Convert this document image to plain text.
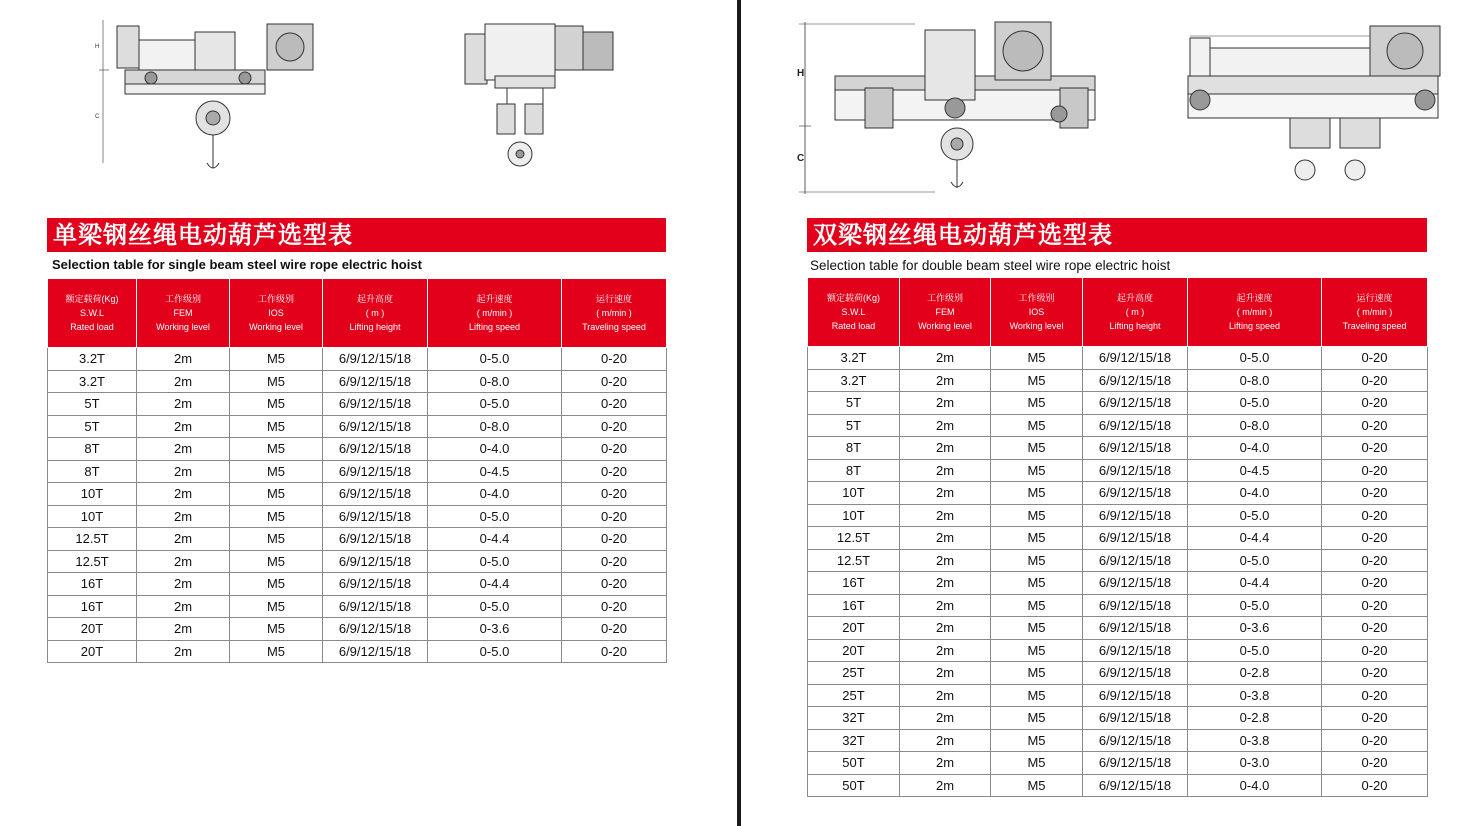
H
C
H
C
单梁钢丝绳电动葫芦选型表
Selection table for single beam steel wire rope electric hoist
双梁钢丝绳电动葫芦选型表
Selection table for double beam steel wire rope electric hoist
额定载荷(Kg)
S.W.L
Rated load	工作级别
FEM
Working level	工作级别
IOS
Working level	起升高度
( m )
Lifting height	起升速度
( m/min )
Lifting speed	运行速度
( m/min )
Traveling speed

3.2T	2m	M5	6/9/12/15/18	0-5.0	0-20
3.2T	2m	M5	6/9/12/15/18	0-8.0	0-20
5T	2m	M5	6/9/12/15/18	0-5.0	0-20
5T	2m	M5	6/9/12/15/18	0-8.0	0-20
8T	2m	M5	6/9/12/15/18	0-4.0	0-20
8T	2m	M5	6/9/12/15/18	0-4.5	0-20
10T	2m	M5	6/9/12/15/18	0-4.0	0-20
10T	2m	M5	6/9/12/15/18	0-5.0	0-20
12.5T	2m	M5	6/9/12/15/18	0-4.4	0-20
12.5T	2m	M5	6/9/12/15/18	0-5.0	0-20
16T	2m	M5	6/9/12/15/18	0-4.4	0-20
16T	2m	M5	6/9/12/15/18	0-5.0	0-20
20T	2m	M5	6/9/12/15/18	0-3.6	0-20
20T	2m	M5	6/9/12/15/18	0-5.0	0-20
额定载荷(Kg)
S.W.L
Rated load	工作级别
FEM
Working level	工作级别
IOS
Working level	起升高度
( m )
Lifting height	起升速度
( m/min )
Lifting speed	运行速度
( m/min )
Traveling speed

3.2T	2m	M5	6/9/12/15/18	0-5.0	0-20
3.2T	2m	M5	6/9/12/15/18	0-8.0	0-20
5T	2m	M5	6/9/12/15/18	0-5.0	0-20
5T	2m	M5	6/9/12/15/18	0-8.0	0-20
8T	2m	M5	6/9/12/15/18	0-4.0	0-20
8T	2m	M5	6/9/12/15/18	0-4.5	0-20
10T	2m	M5	6/9/12/15/18	0-4.0	0-20
10T	2m	M5	6/9/12/15/18	0-5.0	0-20
12.5T	2m	M5	6/9/12/15/18	0-4.4	0-20
12.5T	2m	M5	6/9/12/15/18	0-5.0	0-20
16T	2m	M5	6/9/12/15/18	0-4.4	0-20
16T	2m	M5	6/9/12/15/18	0-5.0	0-20
20T	2m	M5	6/9/12/15/18	0-3.6	0-20
20T	2m	M5	6/9/12/15/18	0-5.0	0-20
25T	2m	M5	6/9/12/15/18	0-2.8	0-20
25T	2m	M5	6/9/12/15/18	0-3.8	0-20
32T	2m	M5	6/9/12/15/18	0-2.8	0-20
32T	2m	M5	6/9/12/15/18	0-3.8	0-20
50T	2m	M5	6/9/12/15/18	0-3.0	0-20
50T	2m	M5	6/9/12/15/18	0-4.0	0-20
